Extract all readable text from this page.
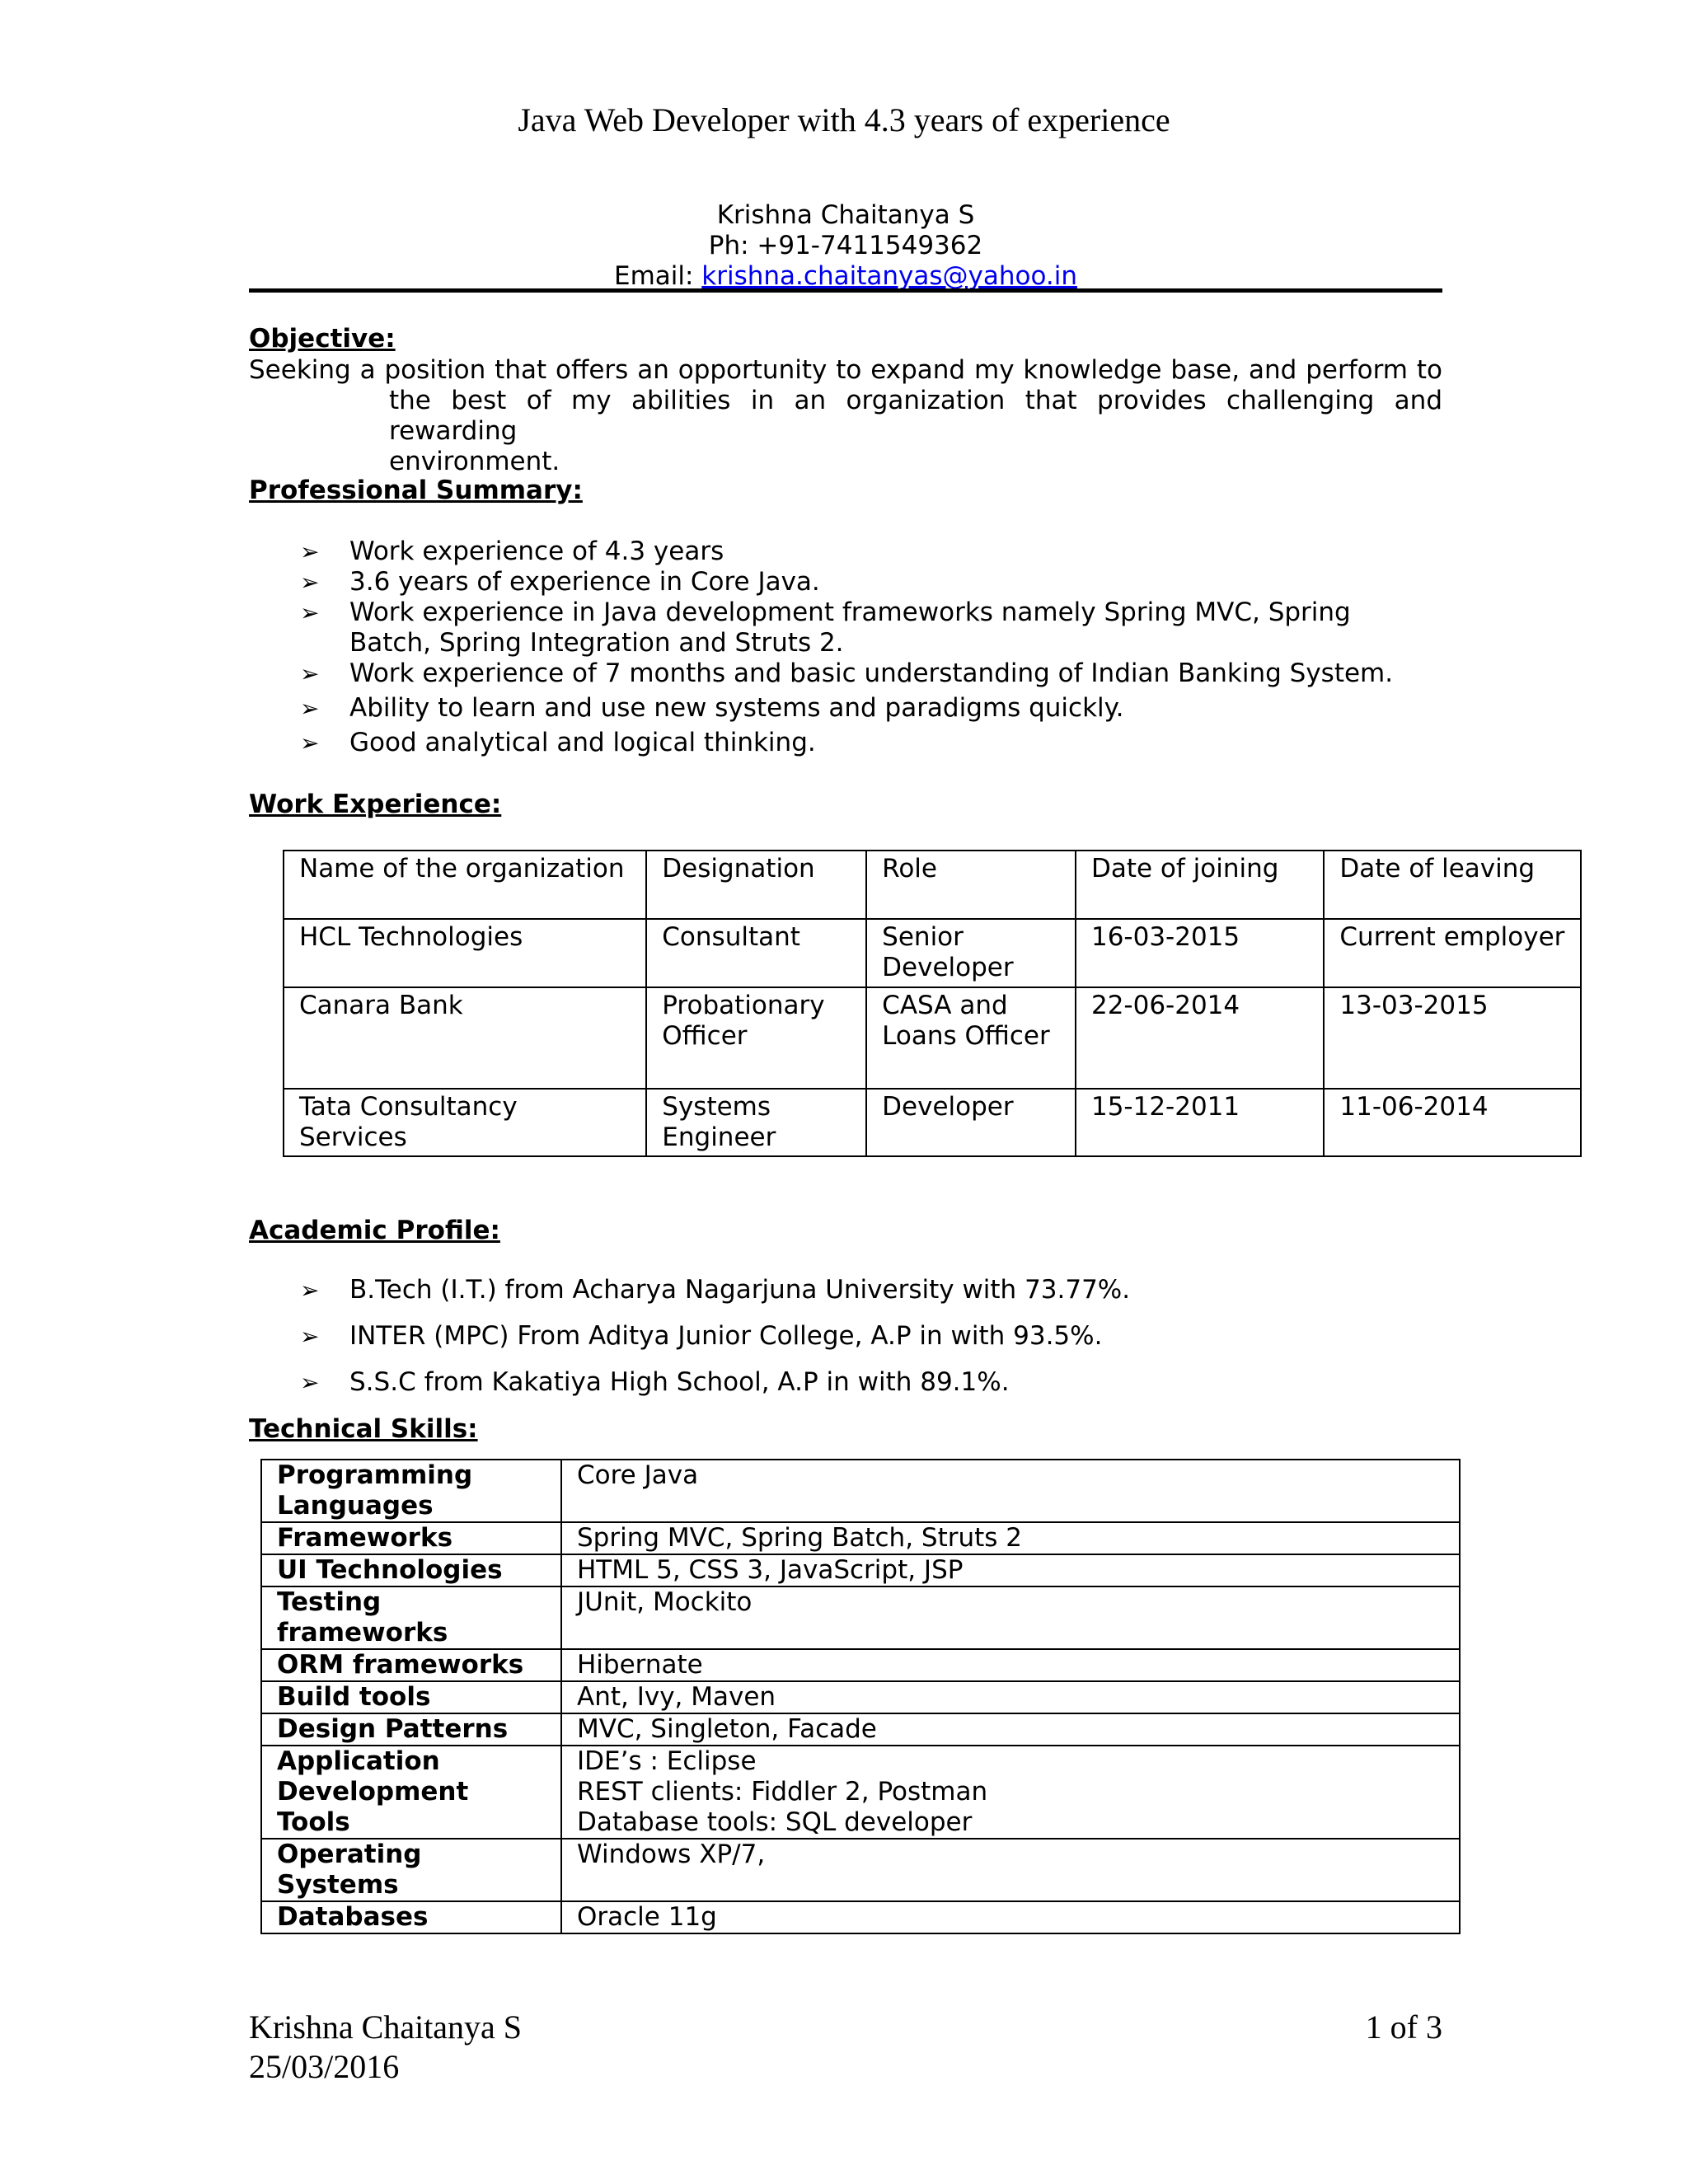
Java Web Developer with 4.3 years of experience
Krishna Chaitanya S
Ph: +91-7411549362
Email: krishna.chaitanyas@yahoo.in
Objective:
Seeking a position that offers an opportunity to expand my knowledge base, and perform to
the best of my abilities in an organization that provides challenging and rewarding
environment.
Professional Summary:
➢ Work experience of 4.3 years
➢ 3.6 years of experience in Core Java.
➢ Work experience in Java development frameworks namely Spring MVC, Spring Batch, Spring Integration and Struts 2.
➢ Work experience of 7 months and basic understanding of Indian Banking System.
➢ Ability to learn and use new systems and paradigms quickly.
➢ Good analytical and logical thinking.
Work Experience:
Name of the organization	Designation	Role	Date of joining	Date of leaving
HCL Technologies	Consultant	Senior Developer	16-03-2015	Current employer
Canara Bank	Probationary Officer	CASA and Loans Officer	22-06-2014	13-03-2015
Tata Consultancy Services	Systems Engineer	Developer	15-12-2011	11-06-2014
Academic Profile:
➢ B.Tech (I.T.) from Acharya Nagarjuna University with 73.77%.
➢ INTER (MPC) From Aditya Junior College, A.P in with 93.5%.
➢ S.S.C from Kakatiya High School, A.P in with 89.1%.
Technical Skills:
Programming Languages	Core Java
Frameworks	Spring MVC, Spring Batch, Struts 2
UI Technologies	HTML 5, CSS 3, JavaScript, JSP
Testing frameworks	JUnit, Mockito
ORM frameworks	Hibernate
Build tools	Ant, Ivy, Maven
Design Patterns	MVC, Singleton, Facade
Application Development Tools	IDE’s : Eclipse
REST clients: Fiddler 2, Postman
Database tools: SQL developer

Operating Systems	Windows XP/7,
Databases	Oracle 11g
Krishna Chaitanya S
25/03/2016
1 of 3
